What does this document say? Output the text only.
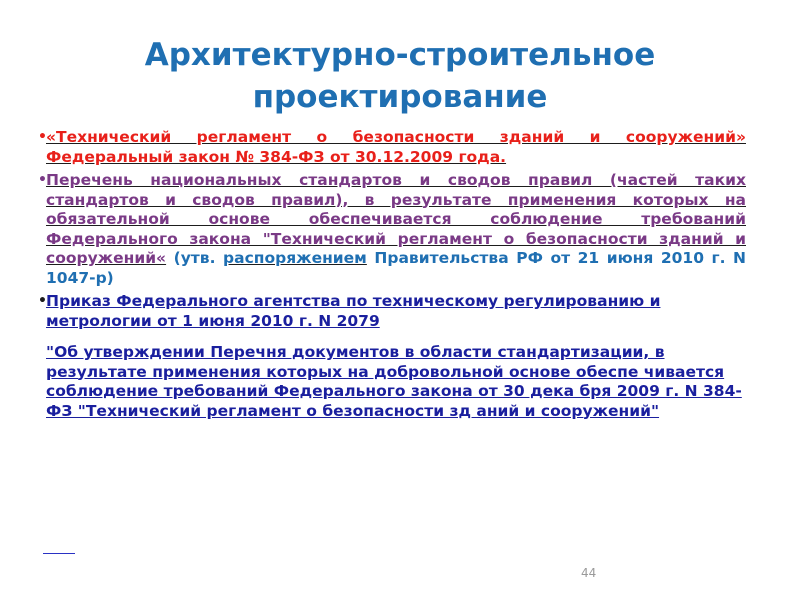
Архитектурно-строительное
проектирование
• «Технический регламент о безопасности зданий и сооружений» Федеральный закон № 384-ФЗ от 30.12.2009 года.
• Перечень национальных стандартов и сводов правил (частей таких стандартов и сводов правил), в результате применения которых на обязательной основе обеспечивается соблюдение требований Федерального закона "Технический регламент о безопасности зданий и сооружений« (утв. распоряжением Правительства РФ от 21 июня 2010 г. N 1047-р)
• Приказ Федерального агентства по техническому регулированию и метрологии от 1 июня 2010 г. N 2079
"Об утверждении Перечня документов в области стандартизации, в результате применения которых на добровольной основе обеспе чивается соблюдение требований Федерального закона от 30 дека бря 2009 г. N 384-ФЗ "Технический регламент о безопасности зд аний и сооружений"
44
